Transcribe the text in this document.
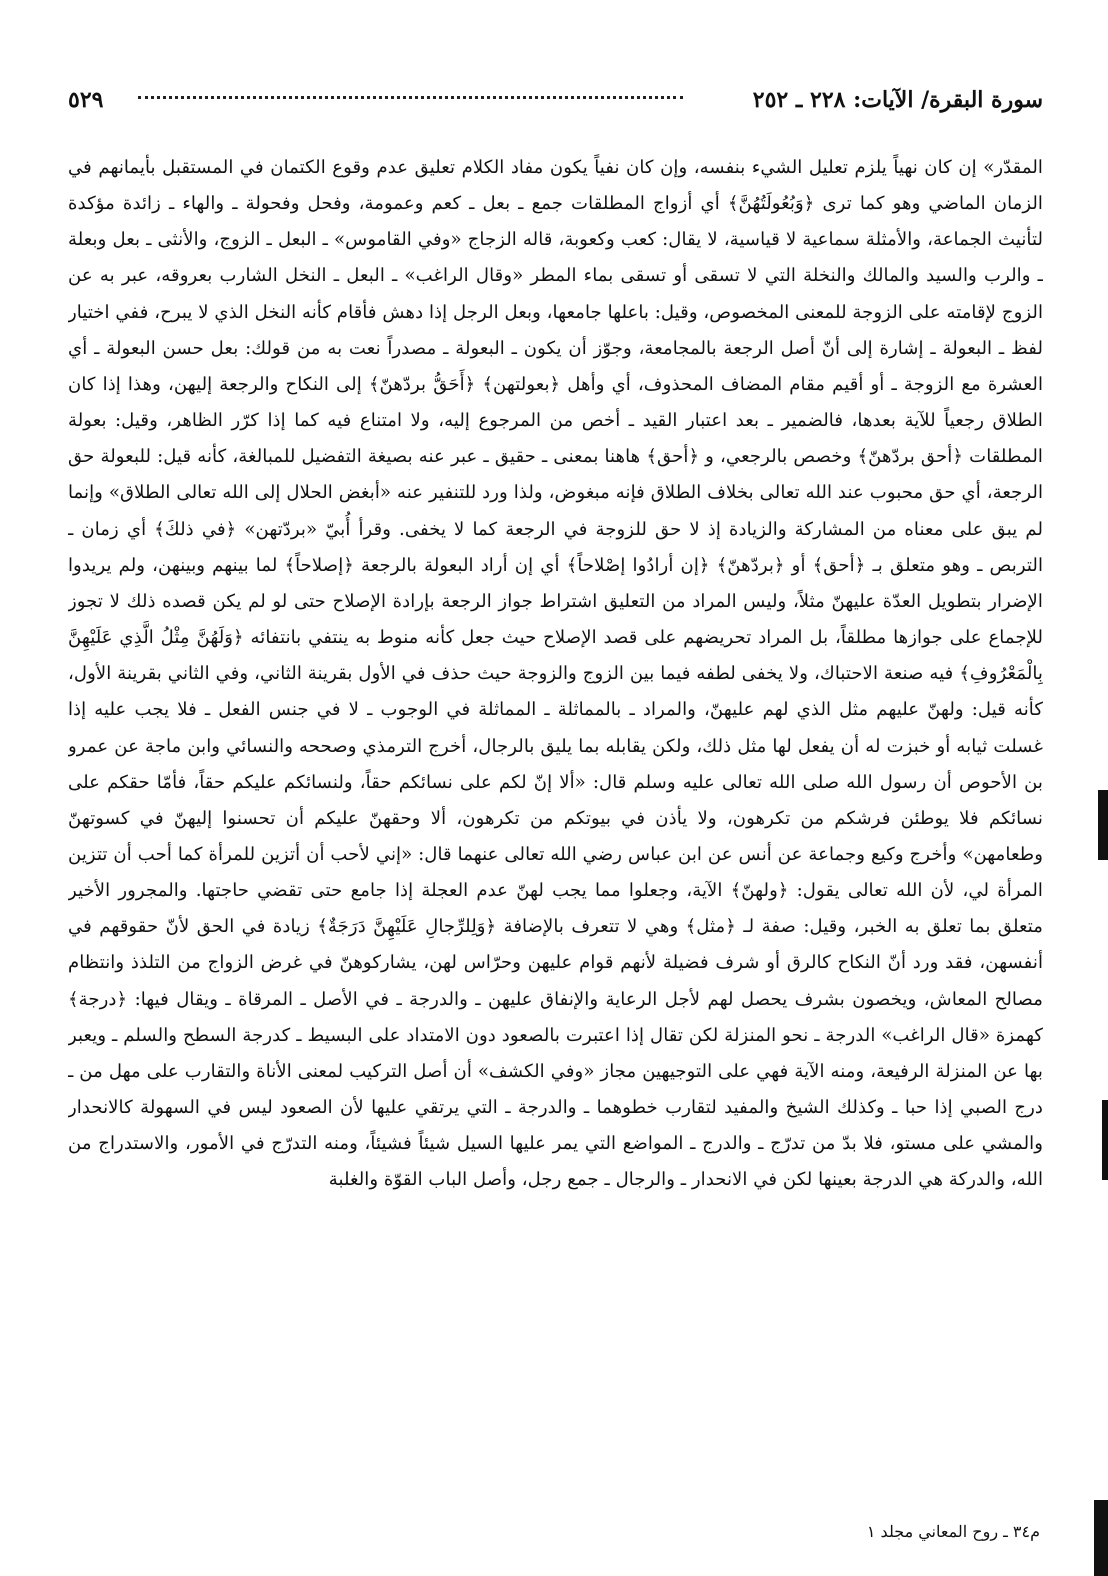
سورة البقرة/ الآيات: ٢٢٨ ـ ٢٥٢
٥٢٩

المقدّر» إن كان نهياً يلزم تعليل الشيء بنفسه، وإن كان نفياً يكون مفاد الكلام تعليق عدم وقوع الكتمان في المستقبل بأيمانهم في الزمان الماضي وهو كما ترى ﴿وَبُعُولَتُهُنَّ﴾ أي أزواج المطلقات جمع ـ بعل ـ كعم وعمومة، وفحل وفحولة ـ والهاء ـ زائدة مؤكدة لتأنيث الجماعة، والأمثلة سماعية لا قياسية، لا يقال: كعب وكعوبة، قاله الزجاج «وفي القاموس» ـ البعل ـ الزوج، والأنثى ـ بعل وبعلة ـ والرب والسيد والمالك والنخلة التي لا تسقى أو تسقى بماء المطر «وقال الراغب» ـ البعل ـ النخل الشارب بعروقه، عبر به عن الزوج لإقامته على الزوجة للمعنى المخصوص، وقيل: باعلها جامعها، وبعل الرجل إذا دهش فأقام كأنه النخل الذي لا يبرح، ففي اختيار لفظ ـ البعولة ـ إشارة إلى أنّ أصل الرجعة بالمجامعة، وجوّز أن يكون ـ البعولة ـ مصدراً نعت به من قولك: بعل حسن البعولة ـ أي العشرة مع الزوجة ـ أو أقيم مقام المضاف المحذوف، أي وأهل ﴿بعولتهن﴾ ﴿أَحَقُّ بردّهنّ﴾ إلى النكاح والرجعة إليهن، وهذا إذا كان الطلاق رجعياً للآية بعدها، فالضمير ـ بعد اعتبار القيد ـ أخص من المرجوع إليه، ولا امتناع فيه كما إذا كرّر الظاهر، وقيل: بعولة المطلقات ﴿أحق بردّهنّ﴾ وخصص بالرجعي، و ﴿أحق﴾ هاهنا بمعنى ـ حقيق ـ عبر عنه بصيغة التفضيل للمبالغة، كأنه قيل: للبعولة حق الرجعة، أي حق محبوب عند الله تعالى بخلاف الطلاق فإنه مبغوض، ولذا ورد للتنفير عنه «أبغض الحلال إلى الله تعالى الطلاق» وإنما لم يبق على معناه من المشاركة والزيادة إذ لا حق للزوجة في الرجعة كما لا يخفى. وقرأ أُبيّ «بردّتهن» ﴿في ذلكَ﴾ أي زمان ـ التربص ـ وهو متعلق بـ ﴿أحق﴾ أو ﴿بردّهنّ﴾ ﴿إن أرادُوا إصْلاحاً﴾ أي إن أراد البعولة بالرجعة ﴿إصلاحاً﴾ لما بينهم وبينهن، ولم يريدوا الإضرار بتطويل العدّة عليهنّ مثلاً، وليس المراد من التعليق اشتراط جواز الرجعة بإرادة الإصلاح حتى لو لم يكن قصده ذلك لا تجوز للإجماع على جوازها مطلقاً، بل المراد تحريضهم على قصد الإصلاح حيث جعل كأنه منوط به ينتفي بانتفائه ﴿وَلَهُنَّ مِثْلُ الَّذِي عَلَيْهِنَّ بِالْمَعْرُوفِ﴾ فيه صنعة الاحتباك، ولا يخفى لطفه فيما بين الزوج والزوجة حيث حذف في الأول بقرينة الثاني، وفي الثاني بقرينة الأول، كأنه قيل: ولهنّ عليهم مثل الذي لهم عليهنّ، والمراد ـ بالمماثلة ـ المماثلة في الوجوب ـ لا في جنس الفعل ـ فلا يجب عليه إذا غسلت ثيابه أو خبزت له أن يفعل لها مثل ذلك، ولكن يقابله بما يليق بالرجال، أخرج الترمذي وصححه والنسائي وابن ماجة عن عمرو بن الأحوص أن رسول الله صلى الله تعالى عليه وسلم قال: «ألا إنّ لكم على نسائكم حقاً، ولنسائكم عليكم حقاً، فأمّا حقكم على نسائكم فلا يوطئن فرشكم من تكرهون، ولا يأذن في بيوتكم من تكرهون، ألا وحقهنّ عليكم أن تحسنوا إليهنّ في كسوتهنّ وطعامهن» وأخرج وكيع وجماعة عن أنس عن ابن عباس رضي الله تعالى عنهما قال: «إني لأحب أن أتزين للمرأة كما أحب أن تتزين المرأة لي، لأن الله تعالى يقول: ﴿ولهنّ﴾ الآية، وجعلوا مما يجب لهنّ عدم العجلة إذا جامع حتى تقضي حاجتها. والمجرور الأخير متعلق بما تعلق به الخبر، وقيل: صفة لـ ﴿مثل﴾ وهي لا تتعرف بالإضافة ﴿وَلِلرِّجالِ عَلَيْهِنَّ دَرَجَةٌ﴾ زيادة في الحق لأنّ حقوقهم في أنفسهن، فقد ورد أنّ النكاح كالرق أو شرف فضيلة لأنهم قوام عليهن وحرّاس لهن، يشاركوهنّ في غرض الزواج من التلذذ وانتظام مصالح المعاش، ويخصون بشرف يحصل لهم لأجل الرعاية والإنفاق عليهن ـ والدرجة ـ في الأصل ـ المرقاة ـ ويقال فيها: ﴿درجة﴾ كهمزة «قال الراغب» الدرجة ـ نحو المنزلة لكن تقال إذا اعتبرت بالصعود دون الامتداد على البسيط ـ كدرجة السطح والسلم ـ ويعبر بها عن المنزلة الرفيعة، ومنه الآية فهي على التوجيهين مجاز «وفي الكشف» أن أصل التركيب لمعنى الأناة والتقارب على مهل من ـ درج الصبي إذا حبا ـ وكذلك الشيخ والمفيد لتقارب خطوهما ـ والدرجة ـ التي يرتقي عليها لأن الصعود ليس في السهولة كالانحدار والمشي على مستو، فلا بدّ من تدرّج ـ والدرج ـ المواضع التي يمر عليها السيل شيئاً فشيئاً، ومنه التدرّج في الأمور، والاستدراج من الله، والدركة هي الدرجة بعينها لكن في الانحدار ـ والرجال ـ جمع رجل، وأصل الباب القوّة والغلبة

م٣٤ ـ روح المعاني مجلد ١
